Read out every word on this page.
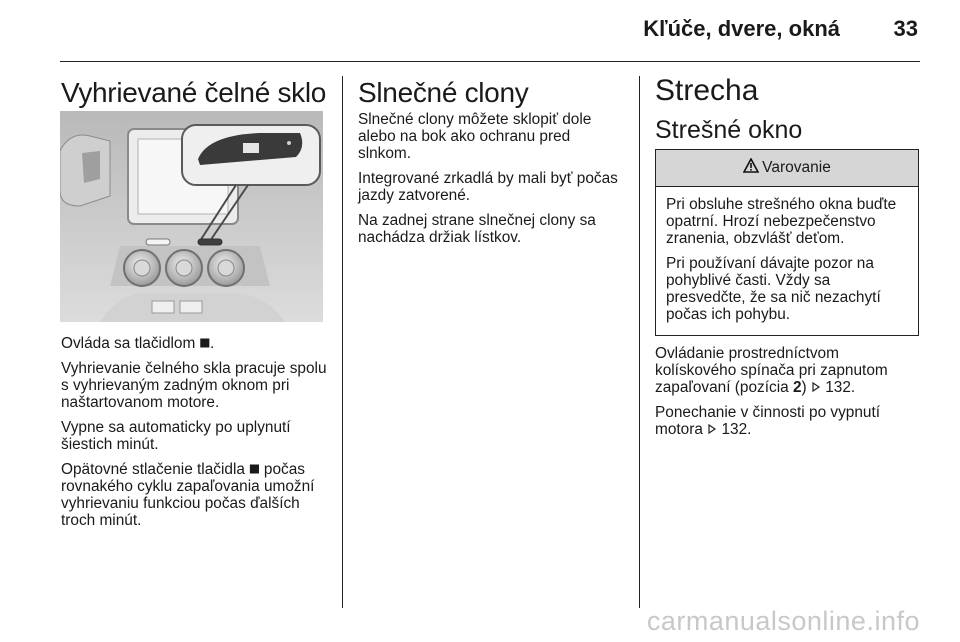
Kľúče, dvere, okná 33
Vyhrievané čelné sklo

Ovláda sa tlačidlom ⯀.

Vyhrievanie čelného skla pracuje spolu s vyhrievaným zadným oknom pri naštartovanom motore.

Vypne sa automaticky po uplynutí šiestich minút.

Opätovné stlačenie tlačidla ⯀ počas rovnakého cyklu zapaľovania umožní vyhrievaniu funkciou počas ďalších troch minút.

Slnečné clony

Slnečné clony môžete sklopiť dole alebo na bok ako ochranu pred slnkom.

Integrované zrkadlá by mali byť počas jazdy zatvorené.

Na zadnej strane slnečnej clony sa nachádza držiak lístkov.

Strecha
Strešné okno
Varovanie

Pri obsluhe strešného okna buďte opatrní. Hrozí nebezpečenstvo zranenia, obzvlášť deťom.

Pri používaní dávajte pozor na pohyblivé časti. Vždy sa presvedčte, že sa nič nezachytí počas ich pohybu.

Ovládanie prostredníctvom kolískového spínača pri zapnutom zapaľovaní (pozícia 2)  132.

Ponechanie v činnosti po vypnutí motora  132.

carmanualsonline.info
